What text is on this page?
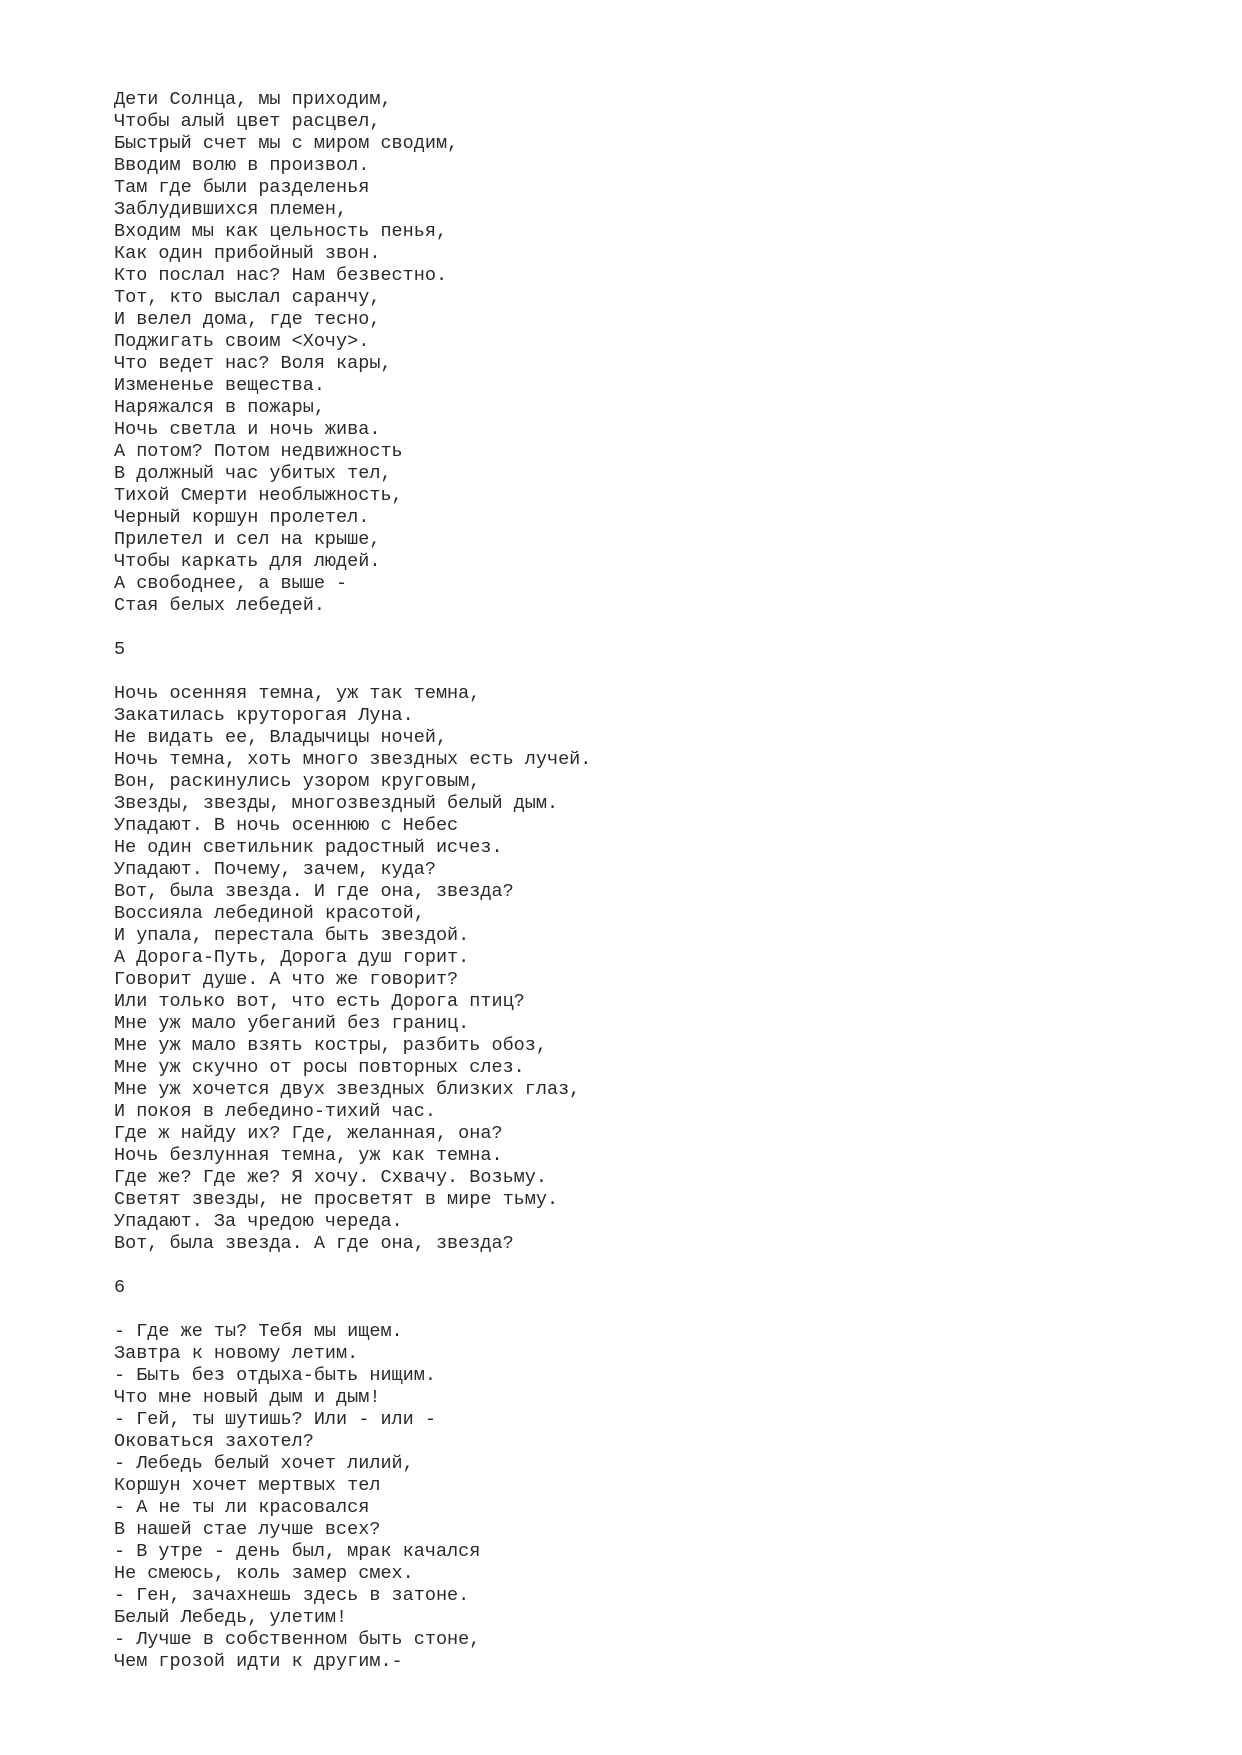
Дети Солнца, мы приходим,
Чтобы алый цвет расцвел,
Быстрый счет мы с миром сводим,
Вводим волю в произвол.
Там где были разделенья
Заблудившихся племен,
Входим мы как цельность пенья,
Как один прибойный звон.
Кто послал нас? Нам безвестно.
Тот, кто выслал саранчу,
И велел дома, где тесно,
Поджигать своим <Хочу>.
Что ведет нас? Воля кары,
Измененье вещества.
Наряжался в пожары,
Ночь светла и ночь жива.
А потом? Потом недвижность
В должный час убитых тел,
Тихой Смерти необлыжность,
Черный коршун пролетел.
Прилетел и сел на крыше,
Чтобы каркать для людей.
А свободнее, а выше -
Стая белых лебедей.
5
Ночь осенняя темна, уж так темна,
Закатилась круторогая Луна.
Не видать ее, Владычицы ночей,
Ночь темна, хоть много звездных есть лучей.
Вон, раскинулись узором круговым,
Звезды, звезды, многозвездный белый дым.
Упадают. В ночь осеннюю с Небес
Не один светильник радостный исчез.
Упадают. Почему, зачем, куда?
Вот, была звезда. И где она, звезда?
Воссияла лебединой красотой,
И упала, перестала быть звездой.
А Дорога-Путь, Дорога душ горит.
Говорит душе. А что же говорит?
Или только вот, что есть Дорога птиц?
Мне уж мало убеганий без границ.
Мне уж мало взять костры, разбить обоз,
Мне уж скучно от росы повторных слез.
Мне уж хочется двух звездных близких глаз,
И покоя в лебедино-тихий час.
Где ж найду их? Где, желанная, она?
Ночь безлунная темна, уж как темна.
Где же? Где же? Я хочу. Схвачу. Возьму.
Светят звезды, не просветят в мире тьму.
Упадают. За чредою череда.
Вот, была звезда. А где она, звезда?
6
- Где же ты? Тебя мы ищем.
Завтра к новому летим.
- Быть без отдыха-быть нищим.
Что мне новый дым и дым!
- Гей, ты шутишь? Или - или -
Оковаться захотел?
- Лебедь белый хочет лилий,
Коршун хочет мертвых тел
- А не ты ли красовался
В нашей стае лучше всех?
- В утре - день был, мрак качался
Не смеюсь, коль замер смех.
- Ген, зачахнешь здесь в затоне.
Белый Лебедь, улетим!
- Лучше в собственном быть стоне,
Чем грозой идти к другим.-
